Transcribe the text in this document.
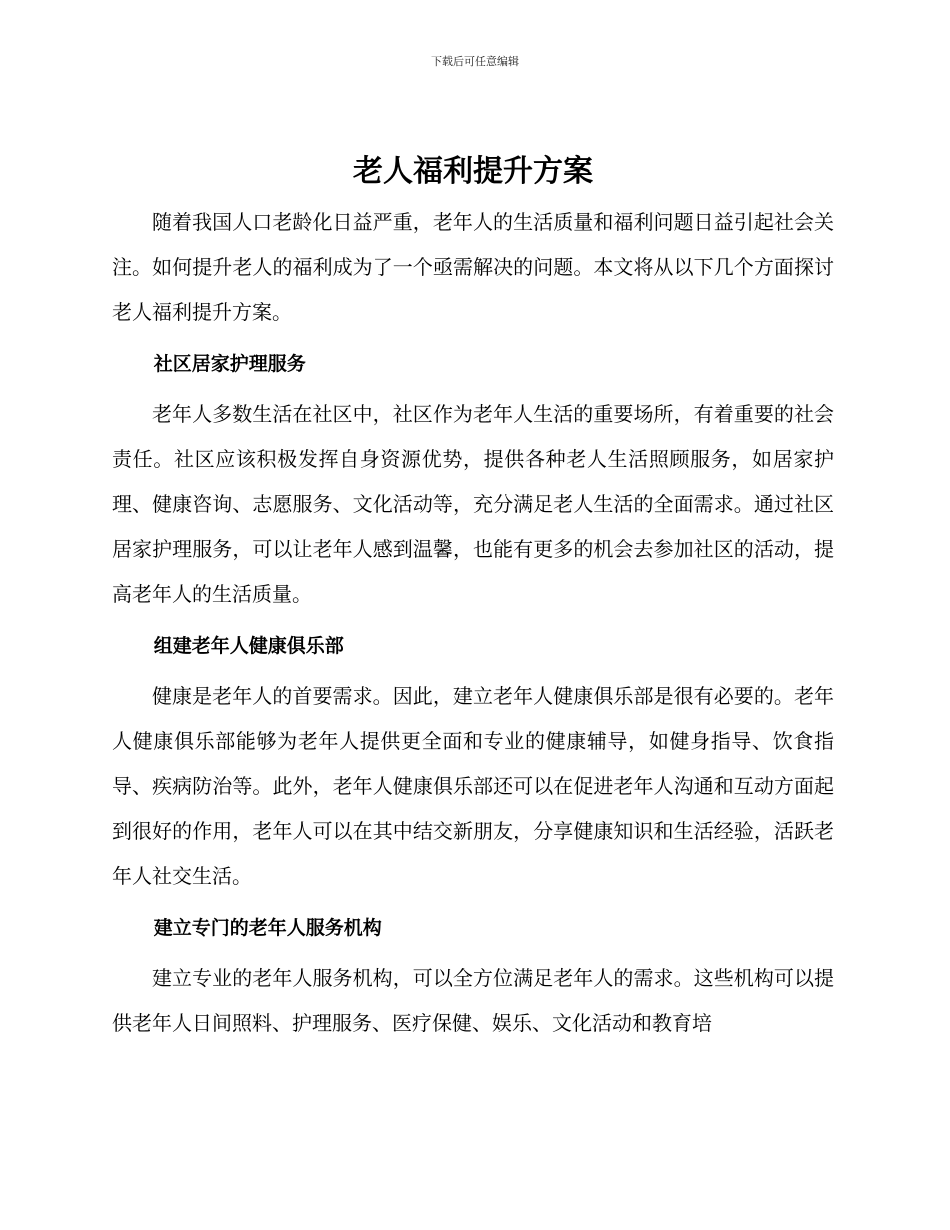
下载后可任意编辑
老人福利提升方案

随着我国人口老龄化日益严重，老年人的生活质量和福利问题日益引起社会关注。如何提升老人的福利成为了一个亟需解决的问题。本文将从以下几个方面探讨老人福利提升方案。

社区居家护理服务

老年人多数生活在社区中，社区作为老年人生活的重要场所，有着重要的社会责任。社区应该积极发挥自身资源优势，提供各种老人生活照顾服务，如居家护理、健康咨询、志愿服务、文化活动等，充分满足老人生活的全面需求。通过社区居家护理服务，可以让老年人感到温馨，也能有更多的机会去参加社区的活动，提高老年人的生活质量。

组建老年人健康俱乐部

健康是老年人的首要需求。因此，建立老年人健康俱乐部是很有必要的。老年人健康俱乐部能够为老年人提供更全面和专业的健康辅导，如健身指导、饮食指导、疾病防治等。此外，老年人健康俱乐部还可以在促进老年人沟通和互动方面起到很好的作用，老年人可以在其中结交新朋友，分享健康知识和生活经验，活跃老年人社交生活。

建立专门的老年人服务机构

建立专业的老年人服务机构，可以全方位满足老年人的需求。这些机构可以提供老年人日间照料、护理服务、医疗保健、娱乐、文化活动和教育培
